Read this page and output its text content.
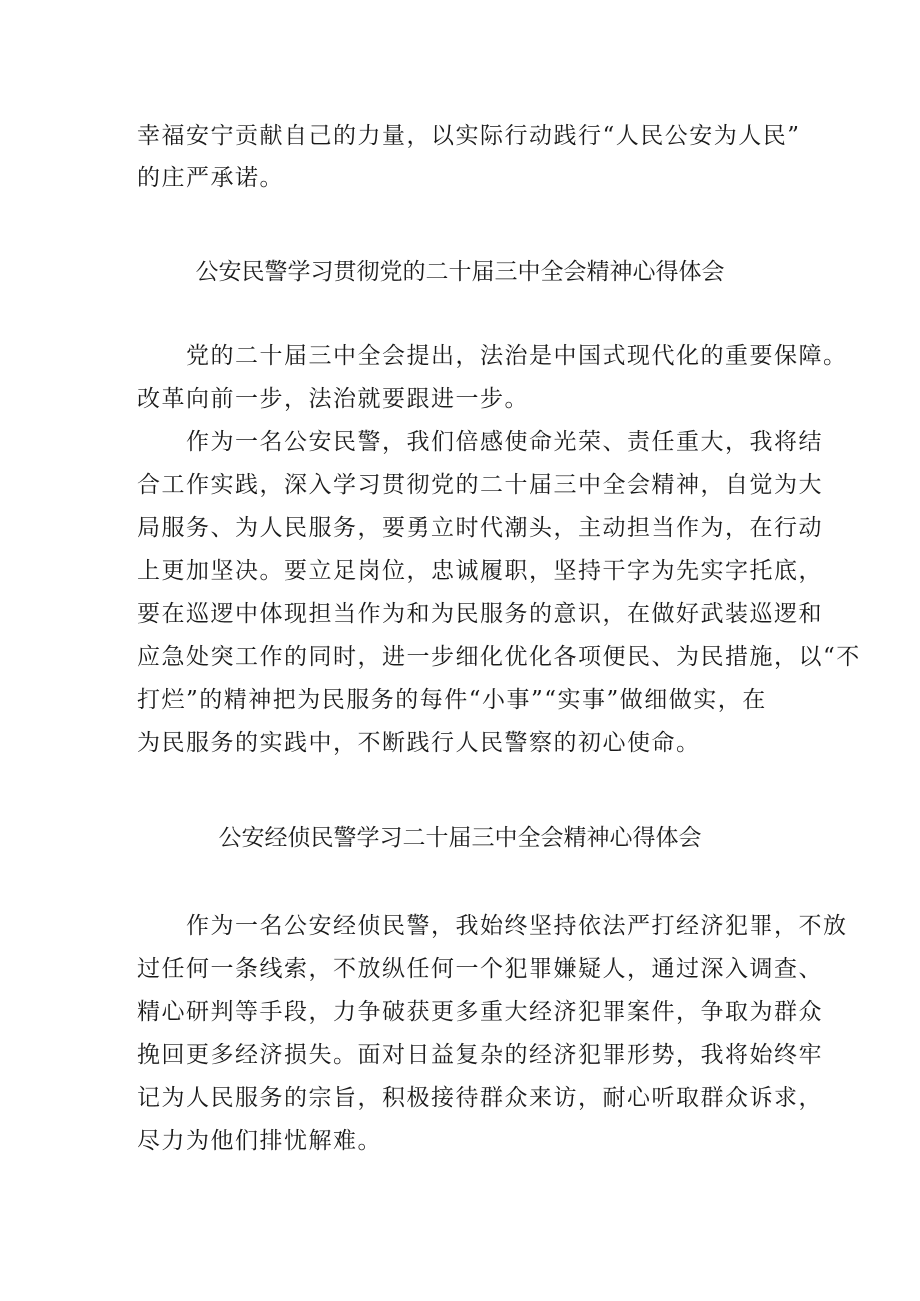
幸福安宁贡献自己的力量，以实际行动践行“人民公安为人民”

的庄严承诺。

公安民警学习贯彻党的二十届三中全会精神心得体会

　　党的二十届三中全会提出，法治是中国式现代化的重要保障。

改革向前一步，法治就要跟进一步。

　　作为一名公安民警，我们倍感使命光荣、责任重大，我将结

合工作实践，深入学习贯彻党的二十届三中全会精神，自觉为大

局服务、为人民服务，要勇立时代潮头，主动担当作为，在行动

上更加坚决。要立足岗位，忠诚履职，坚持干字为先实字托底，

要在巡逻中体现担当作为和为民服务的意识，在做好武装巡逻和

应急处突工作的同时，进一步细化优化各项便民、为民措施，以“不

打烂”的精神把为民服务的每件“小事”“实事”做细做实，在

为民服务的实践中，不断践行人民警察的初心使命。

公安经侦民警学习二十届三中全会精神心得体会

　　作为一名公安经侦民警，我始终坚持依法严打经济犯罪，不放

过任何一条线索，不放纵任何一个犯罪嫌疑人，通过深入调查、

精心研判等手段，力争破获更多重大经济犯罪案件，争取为群众

挽回更多经济损失。面对日益复杂的经济犯罪形势，我将始终牢

记为人民服务的宗旨，积极接待群众来访，耐心听取群众诉求，

尽力为他们排忧解难。
